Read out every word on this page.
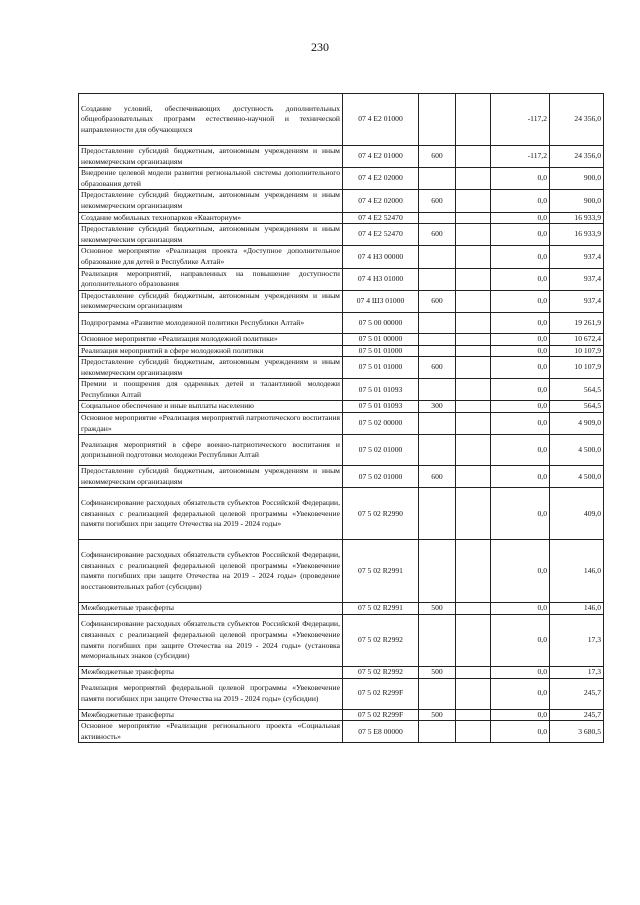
230
Создание условий, обеспечивающих доступность дополнительных общеобразовательных программ естественно-научной и технической направленности для обучающихся	07 4 E2 01000			-117,2	24 356,0
Предоставление субсидий бюджетным, автономным учреждениям и иным некоммерческим организациям	07 4 E2 01000	600		-117,2	24 356,0
Внедрение целевой модели развития региональной системы дополнительного образования детей	07 4 E2 02000			0,0	900,0
Предоставление субсидий бюджетным, автономным учреждениям и иным некоммерческим организациям	07 4 E2 02000	600		0,0	900,0
Создание мобильных технопарков «Кванториум»	07 4 E2 52470			0,0	16 933,9
Предоставление субсидий бюджетным, автономным учреждениям и иным некоммерческим организациям	07 4 E2 52470	600		0,0	16 933,9
Основное мероприятие «Реализация проекта «Доступное дополнительное образование для детей в Республике Алтай»	07 4 Н3 00000			0,0	937,4
Реализация мероприятий, направленных на повышение доступности дополнительного образования	07 4 Н3 01000			0,0	937,4
Предоставление субсидий бюджетным, автономным учреждениям и иным некоммерческим организациям	07 4 Ш3 01000	600		0,0	937,4
Подпрограмма «Развитие молодежной политики Республики Алтай»	07 5 00 00000			0,0	19 261,9
Основное мероприятие «Реализация молодежной политики»	07 5 01 00000			0,0	10 672,4
Реализация мероприятий в сфере молодежной политики	07 5 01 01000			0,0	10 107,9
Предоставление субсидий бюджетным, автономным учреждениям и иным некоммерческим организациям	07 5 01 01000	600		0,0	10 107,9
Премии и поощрения для одаренных детей и талантливой молодежи Республики Алтай	07 5 01 01093			0,0	564,5
Социальное обеспечение и иные выплаты населению	07 5 01 01093	300		0,0	564,5
Основное мероприятие «Реализация мероприятий патриотического воспитания граждан»	07 5 02 00000			0,0	4 909,0
Реализация мероприятий в сфере военно-патриотического воспитания и допризывной подготовки молодежи Республики Алтай	07 5 02 01000			0,0	4 500,0
Предоставление субсидий бюджетным, автономным учреждениям и иным некоммерческим организациям	07 5 02 01000	600		0,0	4 500,0
Софинансирование расходных обязательств субъектов Российской Федерации, связанных с реализацией федеральной целевой программы «Увековечение памяти погибших при защите Отечества на 2019 - 2024 годы»	07 5 02 R2990			0,0	409,0
Софинансирование расходных обязательств субъектов Российской Федерации, связанных с реализацией федеральной целевой программы «Увековечение памяти погибших при защите Отечества на 2019 - 2024 годы» (проведение восстановительных работ (субсидии)	07 5 02 R2991			0,0	146,0
Межбюджетные трансферты	07 5 02 R2991	500		0,0	146,0
Софинансирование расходных обязательств субъектов Российской Федерации, связанных с реализацией федеральной целевой программы «Увековечение памяти погибших при защите Отечества на 2019 - 2024 годы» (установка мемориальных знаков (субсидии)	07 5 02 R2992			0,0	17,3
Межбюджетные трансферты	07 5 02 R2992	500		0,0	17,3
Реализация мероприятий федеральной целевой программы «Увековечение памяти погибших при защите Отечества на 2019 - 2024 годы» (субсидии)	07 5 02 R299F			0,0	245,7
Межбюджетные трансферты	07 5 02 R299F	500		0,0	245,7
Основное мероприятие «Реализация регионального проекта «Социальная активность»	07 5 E8 00000			0,0	3 680,5
